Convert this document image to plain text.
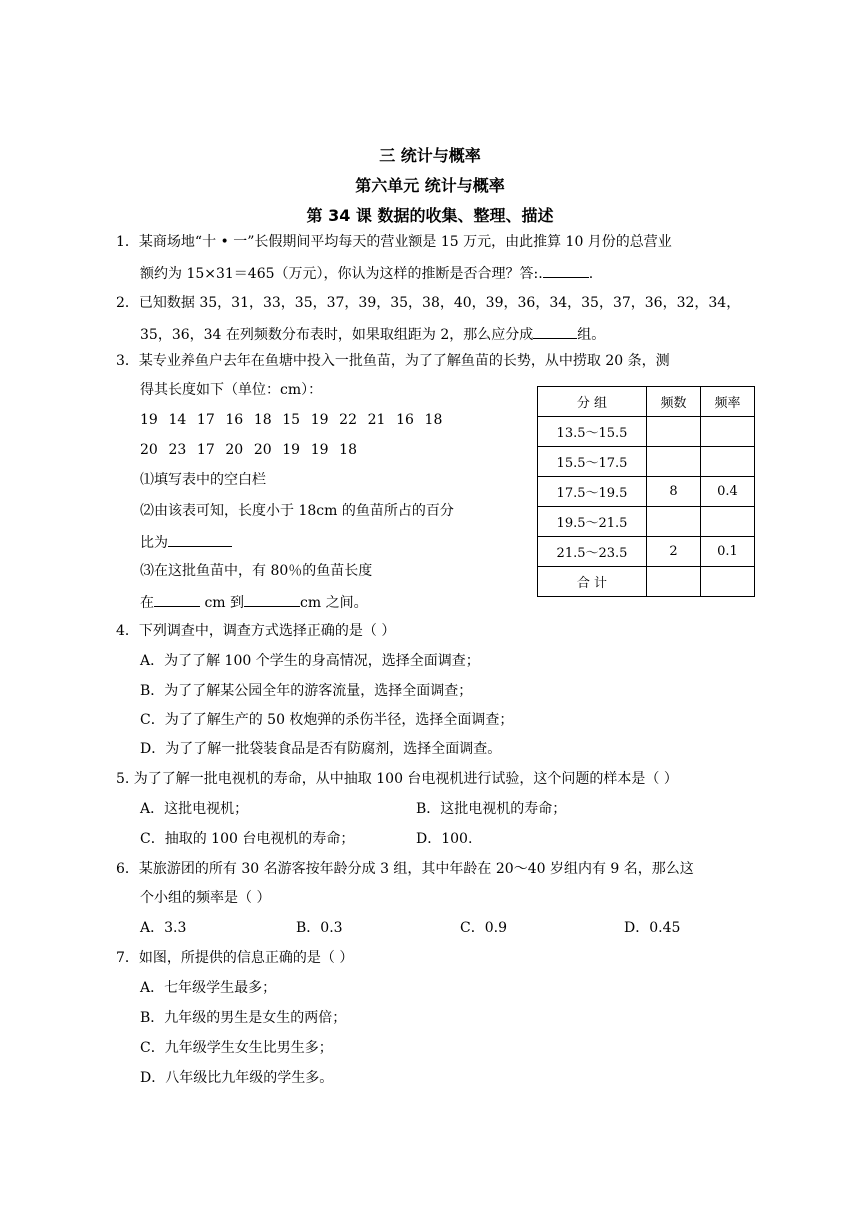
三 统计与概率
第六单元 统计与概率
第 34 课 数据的收集、整理、描述
1．某商场地“十 • 一”长假期间平均每天的营业额是 15 万元，由此推算 10 月份的总营业
额约为 15×31＝465（万元），你认为这样的推断是否合理？答:.	.
2．已知数据 35，31，33，35，37，39，35，38，40，39，36，34，35，37，36，32，34，
35，36，34 在列频数分布表时，如果取组距为 2，那么应分成	组。
3．某专业养鱼户去年在鱼塘中投入一批鱼苗，为了了解鱼苗的长势，从中捞取 20 条，测
得其长度如下（单位：cm）：
19 14 17 16 18 15 19 22 21 16 18
20 23 17 20 20 19 19 18
⑴填写表中的空白栏
⑵由该表可知，长度小于 18cm 的鱼苗所占的百分
比为
⑶在这批鱼苗中，有 80％的鱼苗长度
在	cm 到	cm 之间。
分 组	频数	频率
13.5～15.5		
15.5～17.5		
17.5～19.5	8	0.4
19.5～21.5		
21.5～23.5	2	0.1
合 计		
4．下列调查中，调查方式选择正确的是（ ）
A．为了了解 100 个学生的身高情况，选择全面调查；
B．为了了解某公园全年的游客流量，选择全面调查；
C．为了了解生产的 50 枚炮弹的杀伤半径，选择全面调查；
D．为了了解一批袋装食品是否有防腐剂，选择全面调查。
5. 为了了解一批电视机的寿命，从中抽取 100 台电视机进行试验，这个问题的样本是（ ）
A．这批电视机；	B．这批电视机的寿命；
C．抽取的 100 台电视机的寿命；	D．100.
6．某旅游团的所有 30 名游客按年龄分成 3 组，其中年龄在 20～40 岁组内有 9 名，那么这
个小组的频率是（ ）
A．3.3	B．0.3	C．0.9	D．0.45
7．如图，所提供的信息正确的是（ ）
A．七年级学生最多；
B．九年级的男生是女生的两倍；
C．九年级学生女生比男生多；
D．八年级比九年级的学生多。
